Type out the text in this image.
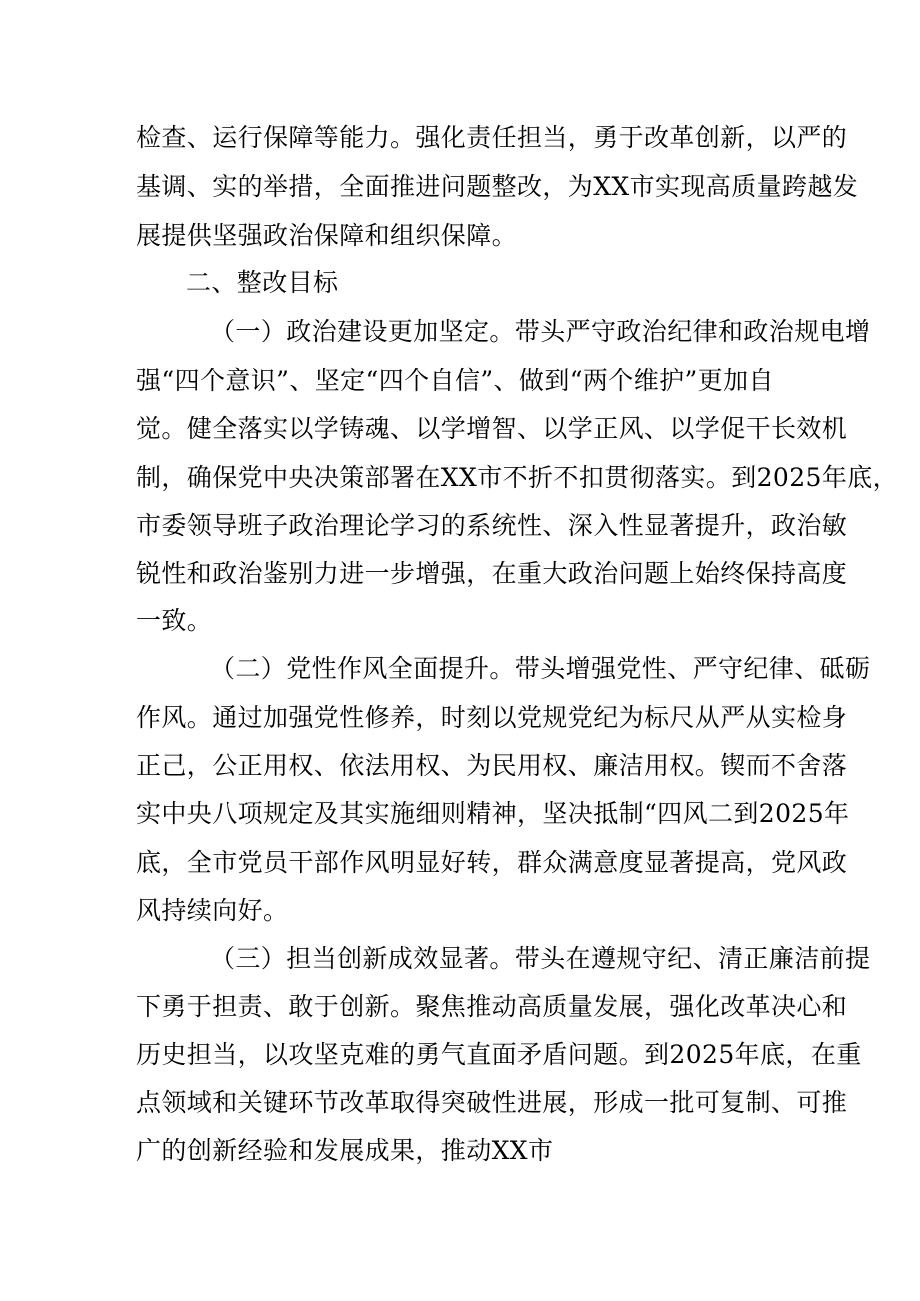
检查、运行保障等能力。强化责任担当，勇于改革创新，以严的
基调、实的举措，全面推进问题整改，为XX市实现高质量跨越发
展提供坚强政治保障和组织保障。
二、整改目标
（一）政治建设更加坚定。带头严守政治纪律和政治规电增
强“四个意识”、坚定“四个自信”、做到“两个维护”更加自
觉。健全落实以学铸魂、以学增智、以学正风、以学促干长效机
制，确保党中央决策部署在XX市不折不扣贯彻落实。到2025年底，
市委领导班子政治理论学习的系统性、深入性显著提升，政治敏
锐性和政治鉴别力进一步增强，在重大政治问题上始终保持高度
一致。
（二）党性作风全面提升。带头增强党性、严守纪律、砥砺
作风。通过加强党性修养，时刻以党规党纪为标尺从严从实检身
正己，公正用权、依法用权、为民用权、廉洁用权。锲而不舍落
实中央八项规定及其实施细则精神，坚决抵制“四风二到2025年
底，全市党员干部作风明显好转，群众满意度显著提高，党风政
风持续向好。
（三）担当创新成效显著。带头在遵规守纪、清正廉洁前提
下勇于担责、敢于创新。聚焦推动高质量发展，强化改革决心和
历史担当，以攻坚克难的勇气直面矛盾问题。到2025年底，在重
点领域和关键环节改革取得突破性进展，形成一批可复制、可推
广的创新经验和发展成果，推动XX市
